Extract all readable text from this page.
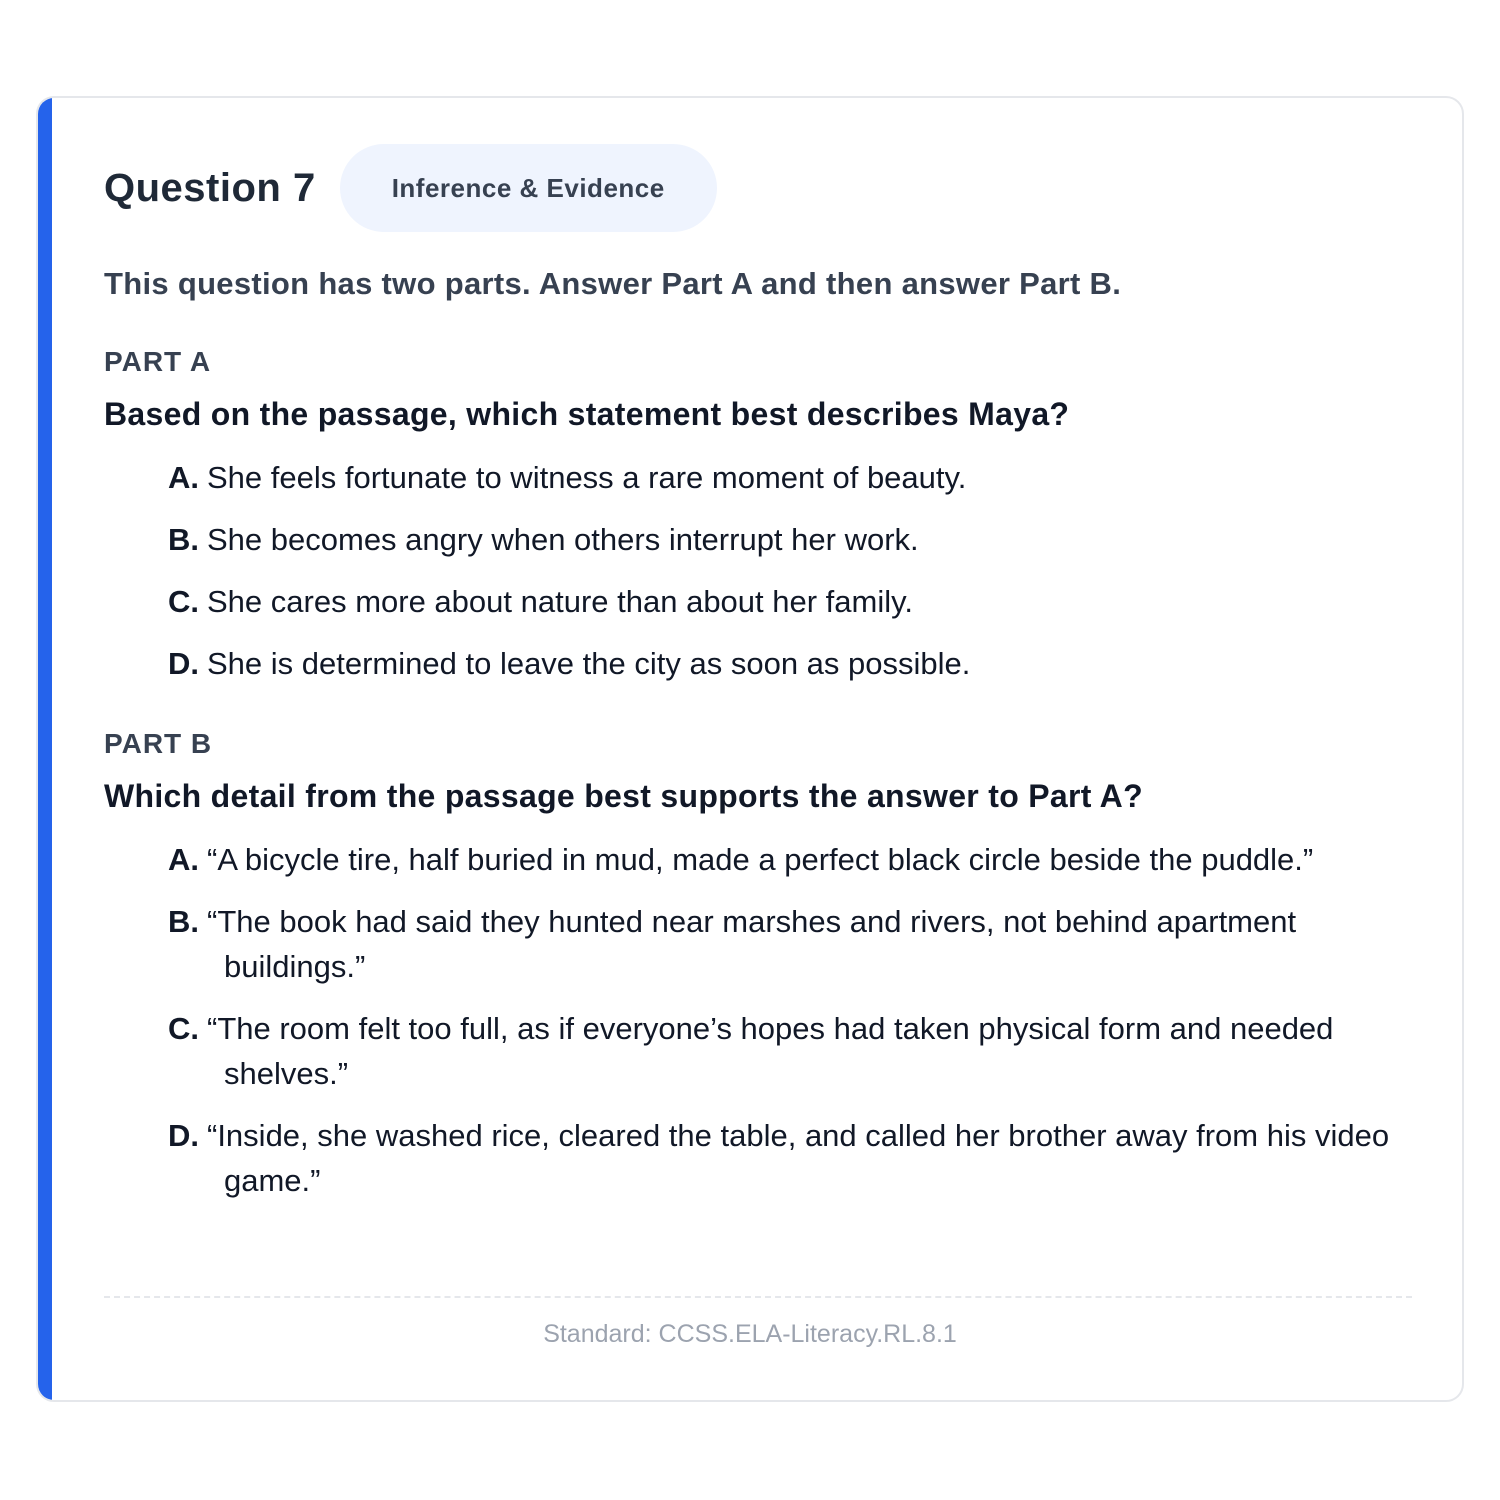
Question 7	Inference & Evidence
This question has two parts. Answer Part A and then answer Part B.
PART A
Based on the passage, which statement best describes Maya?
A. She feels fortunate to witness a rare moment of beauty.
B. She becomes angry when others interrupt her work.
C. She cares more about nature than about her family.
D. She is determined to leave the city as soon as possible.
PART B
Which detail from the passage best supports the answer to Part A?
A. “A bicycle tire, half buried in mud, made a perfect black circle beside the puddle.”
B. “The book had said they hunted near marshes and rivers, not behind apartment buildings.”
C. “The room felt too full, as if everyone’s hopes had taken physical form and needed shelves.”
D. “Inside, she washed rice, cleared the table, and called her brother away from his video game.”
Standard: CCSS.ELA-Literacy.RL.8.1
